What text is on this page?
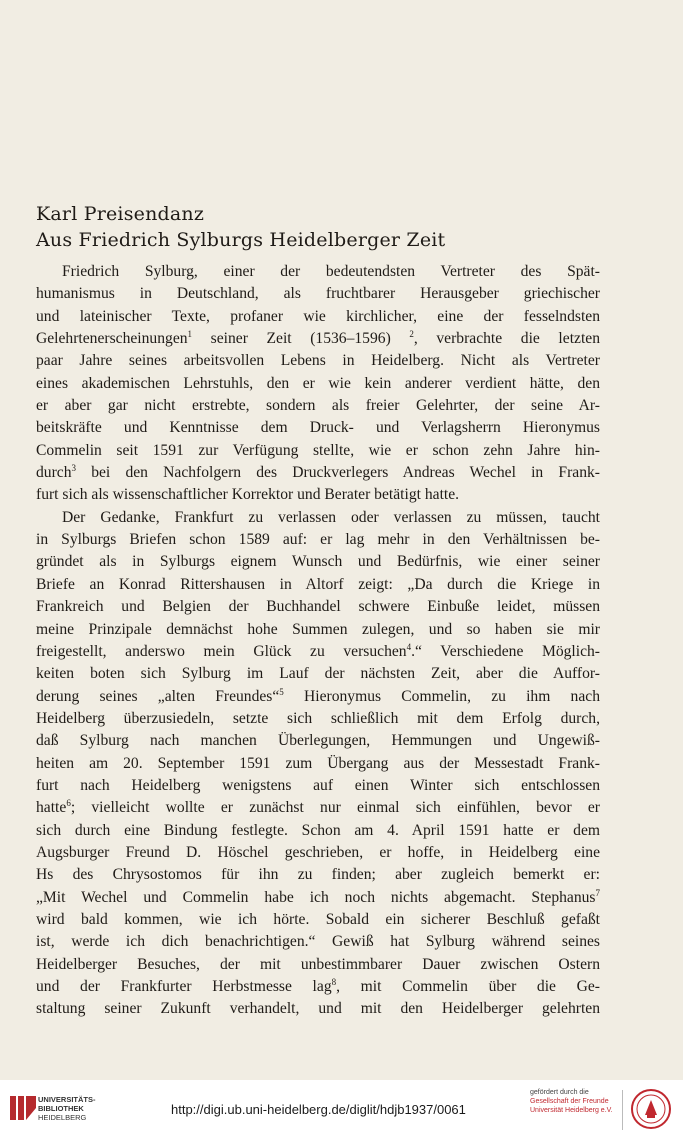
Karl Preisendanz
Aus Friedrich Sylburgs Heidelberger Zeit
Friedrich Sylburg, einer der bedeutendsten Vertreter des Spät-
humanismus in Deutschland, als fruchtbarer Herausgeber griechischer
und lateinischer Texte, profaner wie kirchlicher, eine der fesselndsten
Gelehrtenerscheinungen$^1$ seiner Zeit (1536–1596) $^2$, verbrachte die letzten
paar Jahre seines arbeitsvollen Lebens in Heidelberg. Nicht als Vertreter
eines akademischen Lehrstuhls, den er wie kein anderer verdient hätte, den
er aber gar nicht erstrebte, sondern als freier Gelehrter, der seine Ar-
beitskräfte und Kenntnisse dem Druck- und Verlagsherrn Hieronymus
Commelin seit 1591 zur Verfügung stellte, wie er schon zehn Jahre hin-
durch$^3$ bei den Nachfolgern des Druckverlegers Andreas Wechel in Frank-
furt sich als wissenschaftlicher Korrektor und Berater betätigt hatte.
Der Gedanke, Frankfurt zu verlassen oder verlassen zu müssen, taucht
in Sylburgs Briefen schon 1589 auf: er lag mehr in den Verhältnissen be-
gründet als in Sylburgs eignem Wunsch und Bedürfnis, wie einer seiner
Briefe an Konrad Rittershausen in Altorf zeigt: „Da durch die Kriege in
Frankreich und Belgien der Buchhandel schwere Einbuße leidet, müssen
meine Prinzipale demnächst hohe Summen zulegen, und so haben sie mir
freigestellt, anderswo mein Glück zu versuchen$^4$.“ Verschiedene Möglich-
keiten boten sich Sylburg im Lauf der nächsten Zeit, aber die Auffor-
derung seines „alten Freundes“$^5$ Hieronymus Commelin, zu ihm nach
Heidelberg überzusiedeln, setzte sich schließlich mit dem Erfolg durch,
daß Sylburg nach manchen Überlegungen, Hemmungen und Ungewiß-
heiten am 20. September 1591 zum Übergang aus der Messestadt Frank-
furt nach Heidelberg wenigstens auf einen Winter sich entschlossen
hatte$^6$; vielleicht wollte er zunächst nur einmal sich einfühlen, bevor er
sich durch eine Bindung festlegte. Schon am 4. April 1591 hatte er dem
Augsburger Freund D. Höschel geschrieben, er hoffe, in Heidelberg eine
Hs des Chrysostomos für ihn zu finden; aber zugleich bemerkt er:
„Mit Wechel und Commelin habe ich noch nichts abgemacht. Stephanus$^7$
wird bald kommen, wie ich hörte. Sobald ein sicherer Beschluß gefaßt
ist, werde ich dich benachrichtigen.“ Gewiß hat Sylburg während seines
Heidelberger Besuches, der mit unbestimmbarer Dauer zwischen Ostern
und der Frankfurter Herbstmesse lag$^8$, mit Commelin über die Ge-
staltung seiner Zukunft verhandelt, und mit den Heidelberger gelehrten
UNIVERSITÄTS-
BIBLIOTHEK
HEIDELBERG
http://digi.ub.uni-heidelberg.de/diglit/hdjb1937/0061
gefördert durch die
Gesellschaft der Freunde
Universität Heidelberg e.V.
